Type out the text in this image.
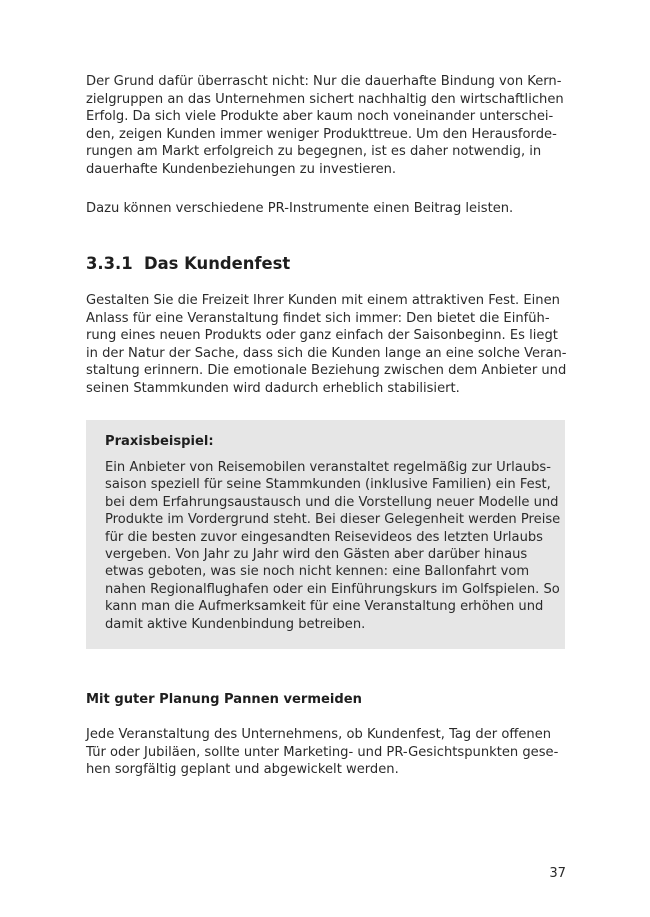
Der Grund dafür überrascht nicht: Nur die dauerhafte Bindung von Kern-
zielgruppen an das Unternehmen sichert nachhaltig den wirtschaftlichen
Erfolg. Da sich viele Produkte aber kaum noch voneinander unterschei-
den, zeigen Kunden immer weniger Produkttreue. Um den Herausforde-
rungen am Markt erfolgreich zu begegnen, ist es daher notwendig, in
dauerhafte Kundenbeziehungen zu investieren.

Dazu können verschiedene PR-Instrumente einen Beitrag leisten.

3.3.1 Das Kundenfest

Gestalten Sie die Freizeit Ihrer Kunden mit einem attraktiven Fest. Einen
Anlass für eine Veranstaltung findet sich immer: Den bietet die Einfüh-
rung eines neuen Produkts oder ganz einfach der Saisonbeginn. Es liegt
in der Natur der Sache, dass sich die Kunden lange an eine solche Veran-
staltung erinnern. Die emotionale Beziehung zwischen dem Anbieter und
seinen Stammkunden wird dadurch erheblich stabilisiert.

Praxisbeispiel:

Ein Anbieter von Reisemobilen veranstaltet regelmäßig zur Urlaubs-
saison speziell für seine Stammkunden (inklusive Familien) ein Fest,
bei dem Erfahrungsaustausch und die Vorstellung neuer Modelle und
Produkte im Vordergrund steht. Bei dieser Gelegenheit werden Preise
für die besten zuvor eingesandten Reisevideos des letzten Urlaubs
vergeben. Von Jahr zu Jahr wird den Gästen aber darüber hinaus
etwas geboten, was sie noch nicht kennen: eine Ballonfahrt vom
nahen Regionalflughafen oder ein Einführungskurs im Golfspielen. So
kann man die Aufmerksamkeit für eine Veranstaltung erhöhen und
damit aktive Kundenbindung betreiben.

Mit guter Planung Pannen vermeiden

Jede Veranstaltung des Unternehmens, ob Kundenfest, Tag der offenen
Tür oder Jubiläen, sollte unter Marketing- und PR-Gesichtspunkten gese-
hen sorgfältig geplant und abgewickelt werden.

37
